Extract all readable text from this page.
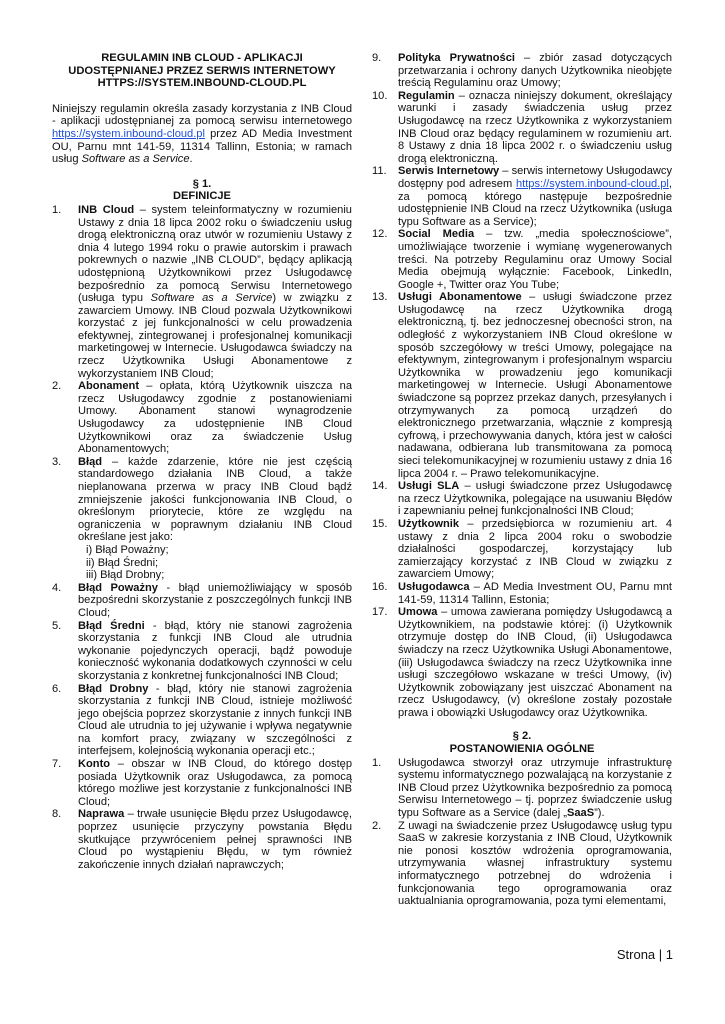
REGULAMIN INB CLOUD - APLIKACJI
UDOSTĘPNIANEJ PRZEZ SERWIS INTERNETOWY
HTTPS://SYSTEM.INBOUND-CLOUD.PL

Niniejszy regulamin określa zasady korzystania z INB Cloud - aplikacji udostępnianej za pomocą serwisu internetowego https://system.inbound-cloud.pl przez AD Media Investment OU, Parnu mnt 141-59, 11314 Tallinn, Estonia; w ramach usług Software as a Service.

§ 1.

DEFINICJE

1. INB Cloud – system teleinformatyczny w rozumieniu Ustawy z dnia 18 lipca 2002 roku o świadczeniu usług drogą elektroniczną oraz utwór w rozumieniu Ustawy z dnia 4 lutego 1994 roku o prawie autorskim i prawach pokrewnych o nazwie „INB CLOUD”, będący aplikacją udostępnioną Użytkownikowi przez Usługodawcę bezpośrednio za pomocą Serwisu Internetowego (usługa typu Software as a Service) w związku z zawarciem Umowy. INB Cloud pozwala Użytkownikowi korzystać z jej funkcjonalności w celu prowadzenia efektywnej, zintegrowanej i profesjonalnej komunikacji marketingowej w Internecie. Usługodawca świadczy na rzecz Użytkownika Usługi Abonamentowe z wykorzystaniem INB Cloud;
2. Abonament – opłata, którą Użytkownik uiszcza na rzecz Usługodawcy zgodnie z postanowieniami Umowy. Abonament stanowi wynagrodzenie Usługodawcy za udostępnienie INB Cloud Użytkownikowi oraz za świadczenie Usług Abonamentowych;
3. Błąd – każde zdarzenie, które nie jest częścią standardowego działania INB Cloud, a także nieplanowana przerwa w pracy INB Cloud bądź zmniejszenie jakości funkcjonowania INB Cloud, o określonym priorytecie, które ze względu na ograniczenia w poprawnym działaniu INB Cloud określane jest jako:
i) Błąd Poważny;
ii) Błąd Średni;
iii) Błąd Drobny;
4. Błąd Poważny - błąd uniemożliwiający w sposób bezpośredni skorzystanie z poszczególnych funkcji INB Cloud;
5. Błąd Średni - błąd, który nie stanowi zagrożenia skorzystania z funkcji INB Cloud ale utrudnia wykonanie pojedynczych operacji, bądź powoduje konieczność wykonania dodatkowych czynności w celu skorzystania z konkretnej funkcjonalności INB Cloud;
6. Błąd Drobny - błąd, który nie stanowi zagrożenia skorzystania z funkcji INB Cloud, istnieje możliwość jego obejścia poprzez skorzystanie z innych funkcji INB Cloud ale utrudnia to jej używanie i wpływa negatywnie na komfort pracy, związany w szczególności z interfejsem, kolejnością wykonania operacji etc.;
7. Konto – obszar w INB Cloud, do którego dostęp posiada Użytkownik oraz Usługodawca, za pomocą którego możliwe jest korzystanie z funkcjonalności INB Cloud;
8. Naprawa – trwałe usunięcie Błędu przez Usługodawcę, poprzez usunięcie przyczyny powstania Błędu skutkujące przywróceniem pełnej sprawności INB Cloud po wystąpieniu Błędu, w tym również zakończenie innych działań naprawczych;
9. Polityka Prywatności – zbiór zasad dotyczących przetwarzania i ochrony danych Użytkownika nieobjęte treścią Regulaminu oraz Umowy;
10. Regulamin – oznacza niniejszy dokument, określający warunki i zasady świadczenia usług przez Usługodawcę na rzecz Użytkownika z wykorzystaniem INB Cloud oraz będący regulaminem w rozumieniu art. 8 Ustawy z dnia 18 lipca 2002 r. o świadczeniu usług drogą elektroniczną.
11. Serwis Internetowy – serwis internetowy Usługodawcy dostępny pod adresem https://system.inbound-cloud.pl, za pomocą którego następuje bezpośrednie udostępnienie INB Cloud na rzecz Użytkownika (usługa typu Software as a Service);
12. Social Media – tzw. „media społecznościowe”, umożliwiające tworzenie i wymianę wygenerowanych treści. Na potrzeby Regulaminu oraz Umowy Social Media obejmują wyłącznie: Facebook, LinkedIn, Google +, Twitter oraz You Tube;
13. Usługi Abonamentowe – usługi świadczone przez Usługodawcę na rzecz Użytkownika drogą elektroniczną, tj. bez jednoczesnej obecności stron, na odległość z wykorzystaniem INB Cloud określone w sposób szczegółowy w treści Umowy, polegające na efektywnym, zintegrowanym i profesjonalnym wsparciu Użytkownika w prowadzeniu jego komunikacji marketingowej w Internecie. Usługi Abonamentowe świadczone są poprzez przekaz danych, przesyłanych i otrzymywanych za pomocą urządzeń do elektronicznego przetwarzania, włącznie z kompresją cyfrową, i przechowywania danych, która jest w całości nadawana, odbierana lub transmitowana za pomocą sieci telekomunikacyjnej w rozumieniu ustawy z dnia 16 lipca 2004 r. – Prawo telekomunikacyjne.
14. Usługi SLA – usługi świadczone przez Usługodawcę na rzecz Użytkownika, polegające na usuwaniu Błędów i zapewnianiu pełnej funkcjonalności INB Cloud;
15. Użytkownik – przedsiębiorca w rozumieniu art. 4 ustawy z dnia 2 lipca 2004 roku o swobodzie działalności gospodarczej, korzystający lub zamierzający korzystać z INB Cloud w związku z zawarciem Umowy;
16. Usługodawca – AD Media Investment OU, Parnu mnt 141-59, 11314 Tallinn, Estonia;
17. Umowa – umowa zawierana pomiędzy Usługodawcą a Użytkownikiem, na podstawie której: (i) Użytkownik otrzymuje dostęp do INB Cloud, (ii) Usługodawca świadczy na rzecz Użytkownika Usługi Abonamentowe, (iii) Usługodawca świadczy na rzecz Użytkownika inne usługi szczegółowo wskazane w treści Umowy, (iv) Użytkownik zobowiązany jest uiszczać Abonament na rzecz Usługodawcy, (v) określone zostały pozostałe prawa i obowiązki Usługodawcy oraz Użytkownika.

§ 2.

POSTANOWIENIA OGÓLNE

1. Usługodawca stworzył oraz utrzymuje infrastrukturę systemu informatycznego pozwalającą na korzystanie z INB Cloud przez Użytkownika bezpośrednio za pomocą Serwisu Internetowego – tj. poprzez świadczenie usług typu Software as a Service (dalej „SaaS”).
2. Z uwagi na świadczenie przez Usługodawcę usług typu SaaS w zakresie korzystania z INB Cloud, Użytkownik nie ponosi kosztów wdrożenia oprogramowania, utrzymywania własnej infrastruktury systemu informatycznego potrzebnej do wdrożenia i funkcjonowania tego oprogramowania oraz uaktualniania oprogramowania, poza tymi elementami,
Strona | 1
